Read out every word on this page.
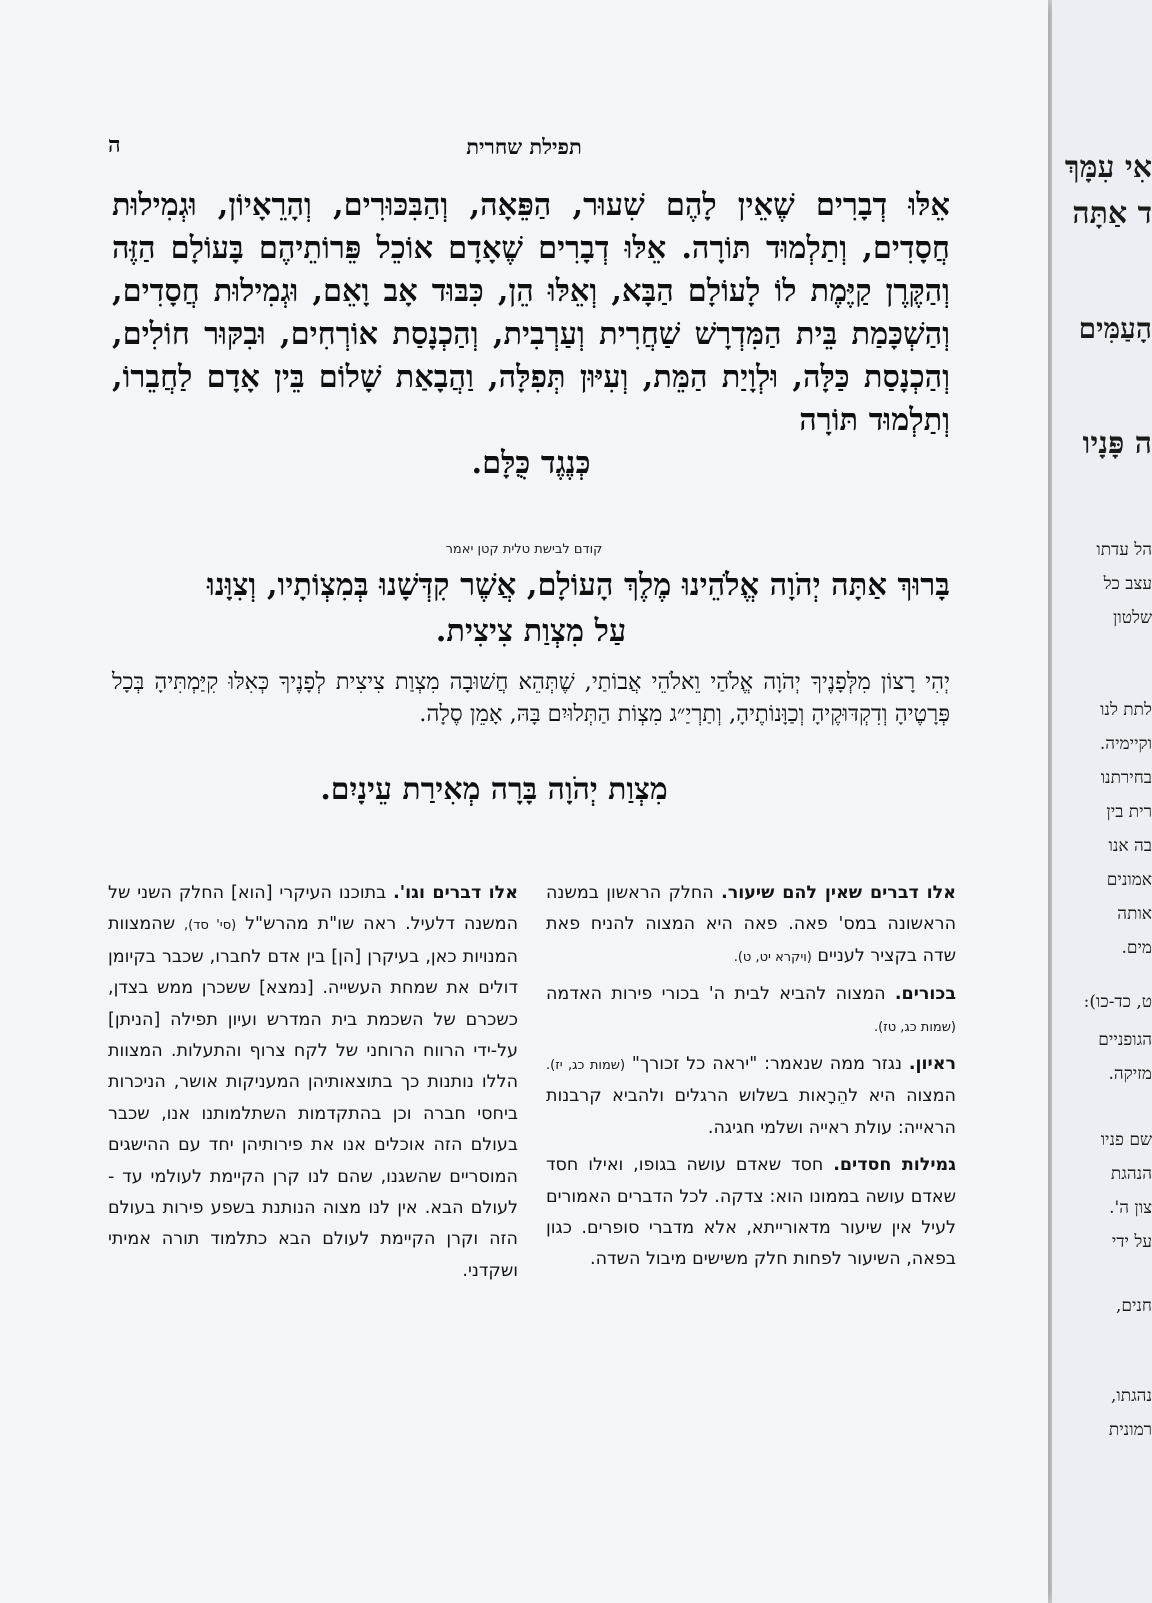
ה	תפילת שחרית
אֵלּוּ דְבָרִים שֶׁאֵין לָהֶם שִׁעוּר, הַפֵּאָה, וְהַבִּכּוּרִים, וְהָרֵאָיוֹן, וּגְמִילוּת חֲסָדִים, וְתַלְמוּד תּוֹרָה. אֵלּוּ דְבָרִים שֶׁאָדָם אוֹכֵל פֵּרוֹתֵיהֶם בָּעוֹלָם הַזֶּה וְהַקֶּרֶן קַיֶּמֶת לוֹ לָעוֹלָם הַבָּא, וְאֵלּוּ הֵן, כִּבּוּד אָב וָאֵם, וּגְמִילוּת חֲסָדִים, וְהַשְׁכָּמַת בֵּית הַמִּדְרָשׁ שַׁחֲרִית וְעַרְבִית, וְהַכְנָסַת אוֹרְחִים, וּבִקּוּר חוֹלִים, וְהַכְנָסַת כַּלָּה, וּלְוָיַת הַמֵּת, וְעִיּוּן תְּפִלָּה, וַהֲבָאַת שָׁלוֹם בֵּין אָדָם לַחֲבֵרוֹ, וְתַלְמוּד תּוֹרָה
כְּנֶגֶד כֻּלָּם.
קודם לבישת טלית קטן יאמר
בָּרוּךְ אַתָּה יְהֹוָה אֱלֹהֵינוּ מֶלֶךְ הָעוֹלָם, אֲשֶׁר קִדְּשָׁנוּ בְּמִצְוֹתָיו, וְצִוָּנוּ
עַל מִצְוַת צִיצִית.
יְהִי רָצוֹן מִלְּפָנֶיךָ יְהֹוָה אֱלֹהַי וֵאלֹהֵי אֲבוֹתַי, שֶׁתְּהֵא חֲשׁוּבָה מִצְוַת צִיצִית לְפָנֶיךָ כְּאִלּוּ קִיַּמְתִּיהָ בְּכָל פְּרָטֶיהָ וְדִקְדּוּקֶיהָ וְכַוָּנוֹתֶיהָ, וְתַרְיַ״ג מִצְוֹת הַתְּלוּיִם בָּהּ, אָמֵן סֶלָה.
מִצְוַת יְהֹוָה בָּרָה מְאִירַת עֵינָיִם.

אלו דברים שאין להם שיעור. החלק הראשון במשנה הראשונה במס' פאה. פאה היא המצוה להניח פאת שדה בקציר לעניים (ויקרא יט, ט).

בכורים. המצוה להביא לבית ה' בכורי פירות האדמה (שמות כג, טז).

ראיון. נגזר ממה שנאמר: "יראה כל זכורך" (שמות כג, יז). המצוה היא להֵרָאות בשלוש הרגלים ולהביא קרבנות הראייה: עולת ראייה ושלמי חגיגה.

גמילות חסדים. חסד שאדם עושה בגופו, ואילו חסד שאדם עושה בממונו הוא: צדקה. לכל הדברים האמורים לעיל אין שיעור מדאורייתא, אלא מדברי סופרים. כגון בפאה, השיעור לפחות חלק משישים מיבול השדה.

אלו דברים וגו'. בתוכנו העיקרי [הוא] החלק השני של המשנה דלעיל. ראה שו"ת מהרש"ל (סי' סד), שהמצוות המנויות כאן, בעיקרן [הן] בין אדם לחברו, שכבר בקיומן דולים את שמחת העשייה. [נמצא] ששכרן ממש בצדן, כשכרם של השכמת בית המדרש ועיון תפילה [הניתן] על-ידי הרווח הרוחני של לקח צרוף והתעלות. המצוות הללו נותנות כך בתוצאותיהן המעניקות אושר, הניכרות ביחסי חברה וכן בהתקדמות השתלמותנו אנו, שכבר בעולם הזה אוכלים אנו את פירותיהן יחד עם ההישגים המוסריים שהשגנו, שהם לנו קרן הקיימת לעולמי עד - לעולם הבא. אין לנו מצוה הנותנת בשפע פירות בעולם הזה וקרן הקיימת לעולם הבא כתלמוד תורה אמיתי ושקדני.

אִי עִמָּךְ
ד אַתָּה
הָעַמִּים
ה פָּנָיו
הל עדתו
עצב כל
שלטון
לתת לנו
וקיימיה.
בחירתנו
רית בין
בה אנו
אמונים
אותה
מים.
ט, כד-כו):
הגופניים
מזיקה.
שם פניו
הנהגת
צון ה'.
על ידי
חנים,
נהגתו,
רמונית
